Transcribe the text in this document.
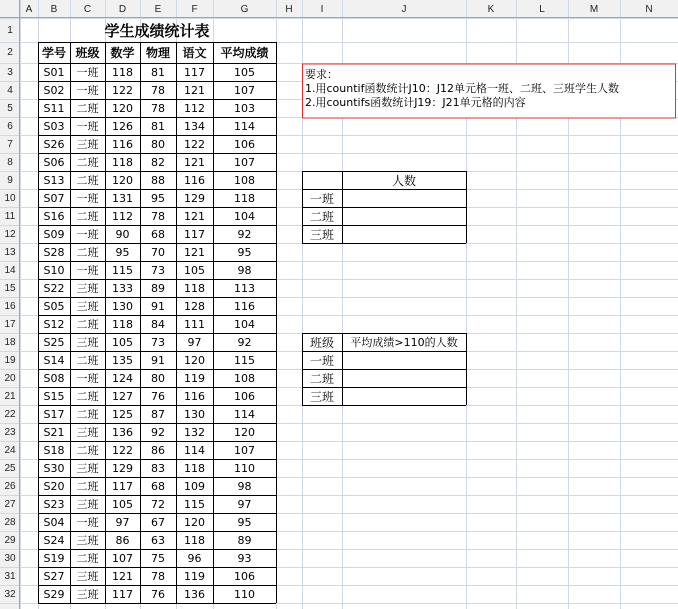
A	B	C	D	E	F	G	H	I	J	K	L	M	N
1
2
3
4
5
6
7
8
9
10
11
12
13
14
15
16
17
18
19
20
21
22
23
24
25
26
27
28
29
30
31
32
学生成绩统计表
学号 班级 数学 物理	语文	平均成绩
S01	一班	118	81	117	105
S02	一班	122	78	121	107
S11	二班	120	78	112	103
S03	一班	126	81	134	114
S26	三班	116	80	122	106
S06	二班	118	82	121	107
S13	二班	120	88	116	108
S07	一班	131	95	129	118
S16	二班	112	78	121	104
S09	一班	90	68	117	92
S28	二班	95	70	121	95
S10	一班	115	73	105	98
S22	三班	133	89	118	113
S05	三班	130	91	128	116
S12	二班	118	84	111	104
S25	三班	105	73	97	92
S14	二班	135	91	120	115
S08	一班	124	80	119	108
S15	二班	127	76	116	106
S17	二班	125	87	130	114
S21	三班	136	92	132	120
S18	二班	122	86	114	107
S30	三班	129	83	118	110
S20	二班	117	68	109	98
S23	三班	105	72	115	97
S04	一班	97	67	120	95
S24	三班	86	63	118	89
S19	二班	107	75	96	93
S27	三班	121	78	119	106
S29	三班	117	76	136	110
要求：
1.用countif函数统计J10：J12单元格一班、二班、三班学生人数
2.用countifs函数统计J19：J21单元格的内容
人数
一班
二班
三班
班级	平均成绩>110的人数
一班
二班
三班
